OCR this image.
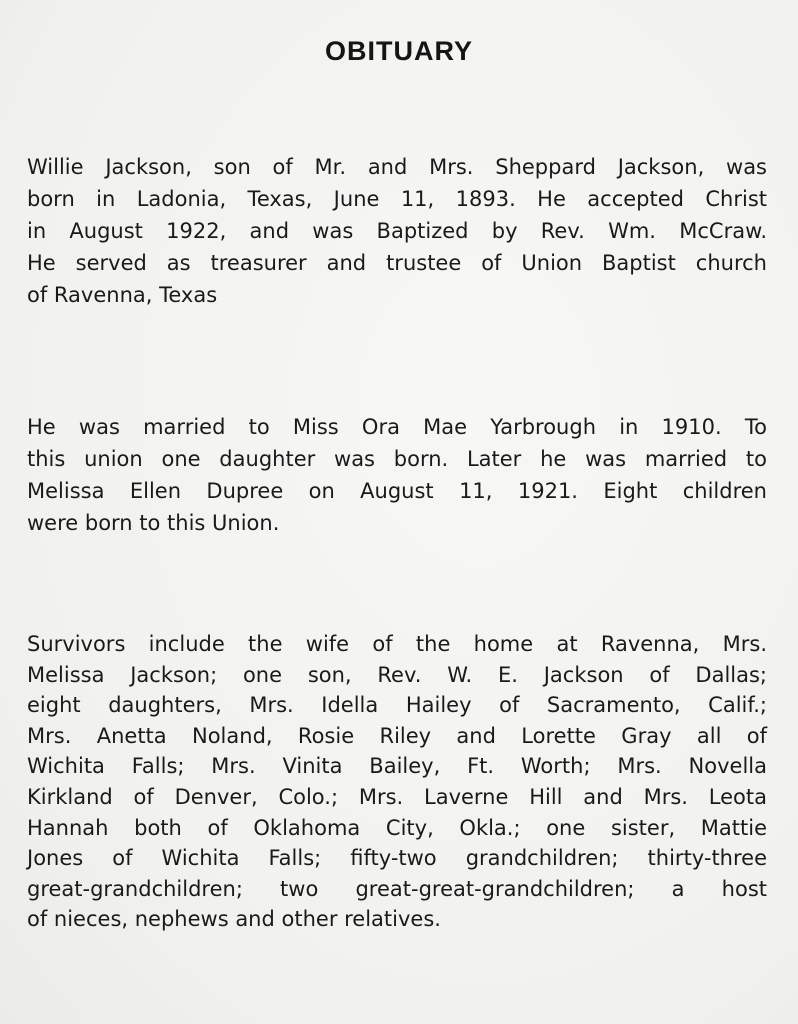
OBITUARY
Willie Jackson, son of Mr. and Mrs. Sheppard Jackson, was
born in Ladonia, Texas, June 11, 1893. He accepted Christ
in August 1922, and was Baptized by Rev. Wm. McCraw.
He served as treasurer and trustee of Union Baptist church
of Ravenna, Texas
He was married to Miss Ora Mae Yarbrough in 1910. To
this union one daughter was born. Later he was married to
Melissa Ellen Dupree on August 11, 1921. Eight children
were born to this Union.
Survivors include the wife of the home at Ravenna, Mrs.
Melissa Jackson; one son, Rev. W. E. Jackson of Dallas;
eight daughters, Mrs. Idella Hailey of Sacramento, Calif.;
Mrs. Anetta Noland, Rosie Riley and Lorette Gray all of
Wichita Falls; Mrs. Vinita Bailey, Ft. Worth; Mrs. Novella
Kirkland of Denver, Colo.; Mrs. Laverne Hill and Mrs. Leota
Hannah both of Oklahoma City, Okla.; one sister, Mattie
Jones of Wichita Falls; fifty-two grandchildren; thirty-three
great-grandchildren; two great-great-grandchildren; a host
of nieces, nephews and other relatives.
